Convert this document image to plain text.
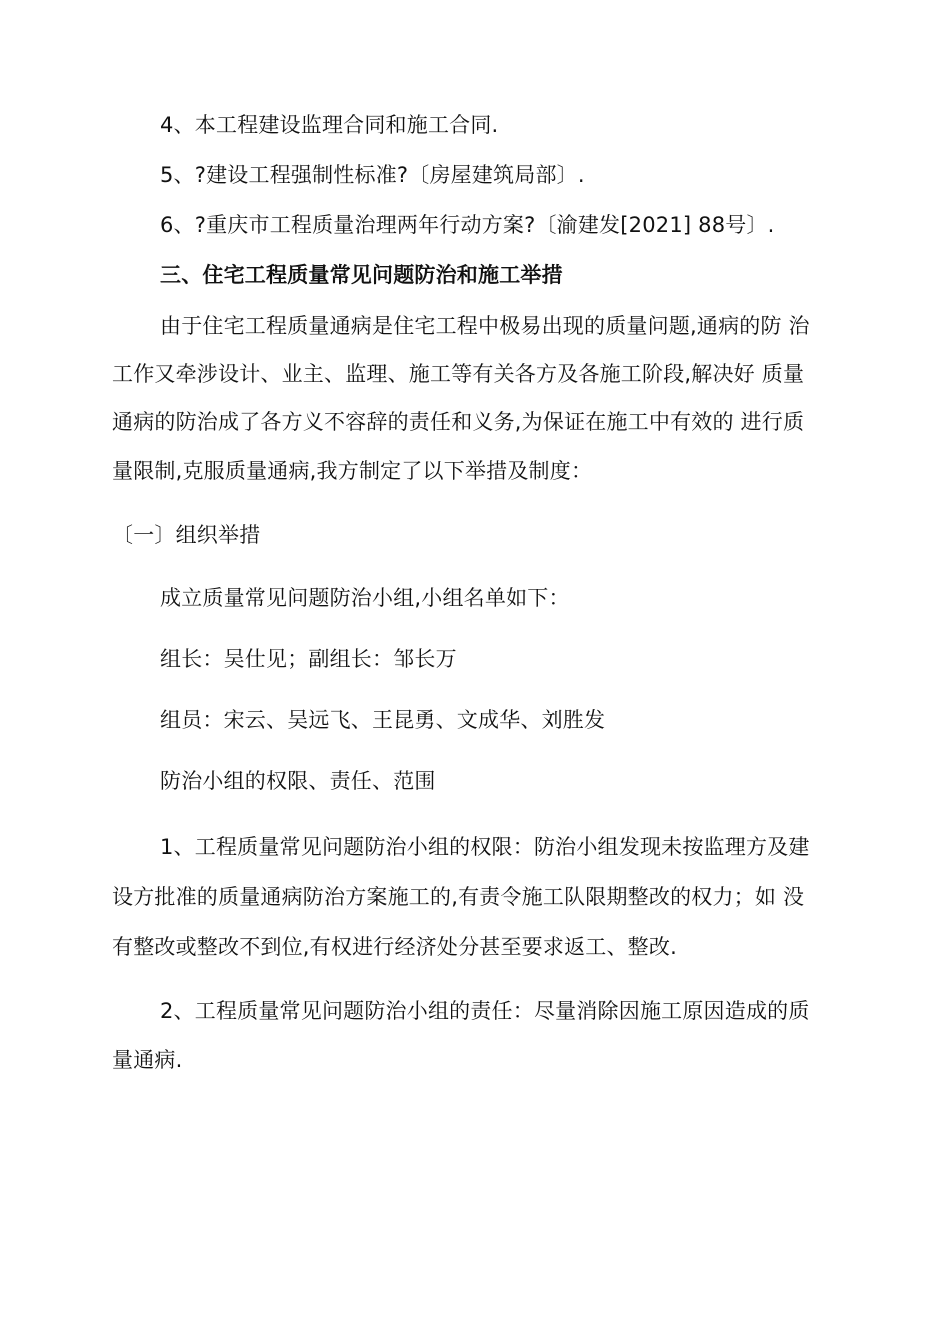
4、本工程建设监理合同和施工合同.

5、?建设工程强制性标准?〔房屋建筑局部〕.

6、?重庆市工程质量治理两年行动方案?〔渝建发[2021] 88号〕.

三、住宅工程质量常见问题防治和施工举措

由于住宅工程质量通病是住宅工程中极易出现的质量问题,通病的防 治

工作又牵涉设计、业主、监理、施工等有关各方及各施工阶段,解决好 质量

通病的防治成了各方义不容辞的责任和义务,为保证在施工中有效的 进行质

量限制,克服质量通病,我方制定了以下举措及制度：

〔一〕组织举措

成立质量常见问题防治小组,小组名单如下：

组长：吴仕见；副组长：邹长万

组员：宋云、吴远飞、王昆勇、文成华、刘胜发

防治小组的权限、责任、范围

1、工程质量常见问题防治小组的权限：防治小组发现未按监理方及建

设方批准的质量通病防治方案施工的,有责令施工队限期整改的权力；如 没

有整改或整改不到位,有权进行经济处分甚至要求返工、整改.

2、工程质量常见问题防治小组的责任：尽量消除因施工原因造成的质

量通病.
